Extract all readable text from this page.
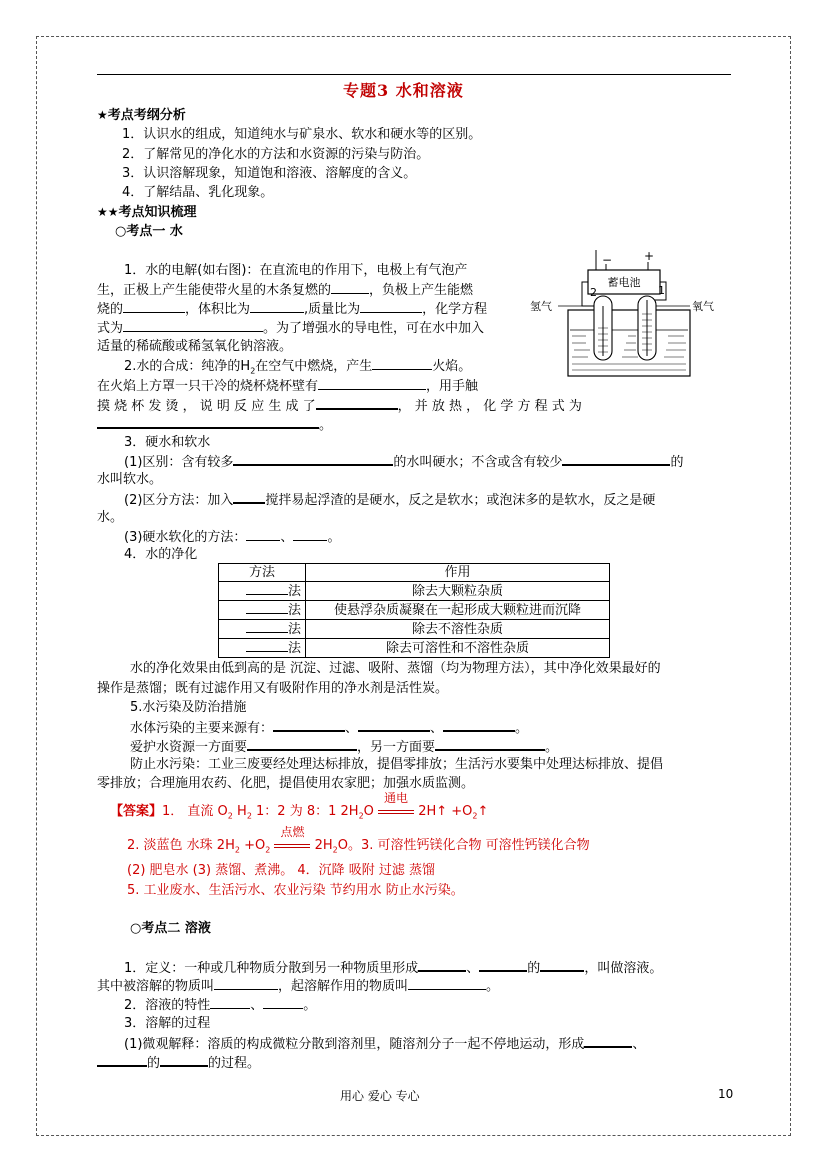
专题3 水和溶液
★考点考纲分析
1．认识水的组成，知道纯水与矿泉水、软水和硬水等的区别。
2．了解常见的净化水的方法和水资源的污染与防治。
3．认识溶解现象，知道饱和溶液、溶解度的含义。
4．了解结晶、乳化现象。
★★考点知识梳理
○考点一 水
1．水的电解(如右图)：在直流电的作用下，电极上有气泡产
生，正极上产生能使带火星的木条复燃的	，负极上产生能燃
烧的	，体积比为	,质量比为	，化学方程
式为	。为了增强水的导电性，可在水中加入
适量的稀硫酸或稀氢氧化钠溶液。
2.水的合成：纯净的$H_2$在空气中燃烧，产生	火焰。
在火焰上方罩一只干冷的烧杯烧杯壁有	，用手触
摸 烧 杯 发 烫 ， 说 明 反 应 生 成 了	， 并 放 热 ， 化 学 方 程 式 为
。
3．硬水和软水
(1)区别：含有较多	的水叫硬水；不含或含有较少	的
水叫软水。
(2)区分方法：加入 搅拌易起浮渣的是硬水，反之是软水；或泡沫多的是软水，反之是硬
水。
(3)硬水软化的方法：	、	。
4．水的净化
方法	作用
法	除去大颗粒杂质
法	使悬浮杂质凝聚在一起形成大颗粒进而沉降
法	除去不溶性杂质
法	除去可溶性和不溶性杂质
水的净化效果由低到高的是 沉淀、过滤、吸附、蒸馏（均为物理方法），其中净化效果最好的
操作是蒸馏；既有过滤作用又有吸附作用的净水剂是活性炭。
5.水污染及防治措施
水体污染的主要来源有：	、	、	。
爱护水资源一方面要	，另一方面要	。
防止水污染：工业三废要经处理达标排放，提倡零排放；生活污水要集中处理达标排放、提倡
零排放；合理施用农药、化肥，提倡使用农家肥；加强水质监测。
【答案】1． 直流 $O_2$ $H_2$ 1：2 为 8：1 $2H_2O$
通电
2H↑ $+O_2↑$
2. 淡蓝色 水珠 $2H_2 +O_2$
点燃
$2H_2O$。3. 可溶性钙镁化合物 可溶性钙镁化合物
(2) 肥皂水 (3) 蒸馏、煮沸。 4．沉降 吸附 过滤 蒸馏
5. 工业废水、生活污水、农业污染 节约用水 防止水污染。
○考点二 溶液
1．定义：一种或几种物质分散到另一种物质里形成	、	的	，叫做溶液。
其中被溶解的物质叫	，起溶解作用的物质叫	。
2．溶液的特性	、	。
3．溶解的过程
(1)微观解释：溶质的构成微粒分散到溶剂里，随溶剂分子一起不停地运动，形成	、
的	的过程。
蓄电池
−	+
2	1
氢气	氧气
用心 爱心 专心	10
